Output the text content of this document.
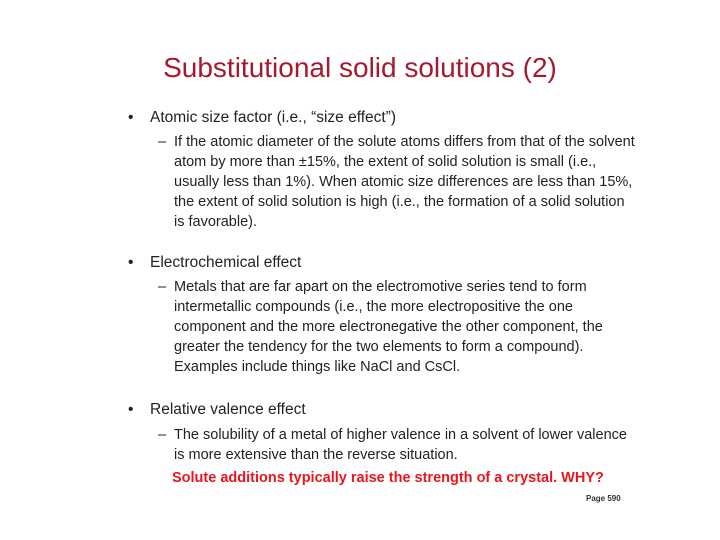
Substitutional solid solutions (2)
• Atomic size factor (i.e., “size effect”)
– If the atomic diameter of the solute atoms differs from that of the solvent
atom by more than ±15%, the extent of solid solution is small (i.e.,
usually less than 1%). When atomic size differences are less than 15%,
the extent of solid solution is high (i.e., the formation of a solid solution
is favorable).
• Electrochemical effect
– Metals that are far apart on the electromotive series tend to form
intermetallic compounds (i.e., the more electropositive the one
component and the more electronegative the other component, the
greater the tendency for the two elements to form a compound).
Examples include things like NaCl and CsCl.
• Relative valence effect
– The solubility of a metal of higher valence in a solvent of lower valence
is more extensive than the reverse situation.
Solute additions typically raise the strength of a crystal. WHY?
Page 590
